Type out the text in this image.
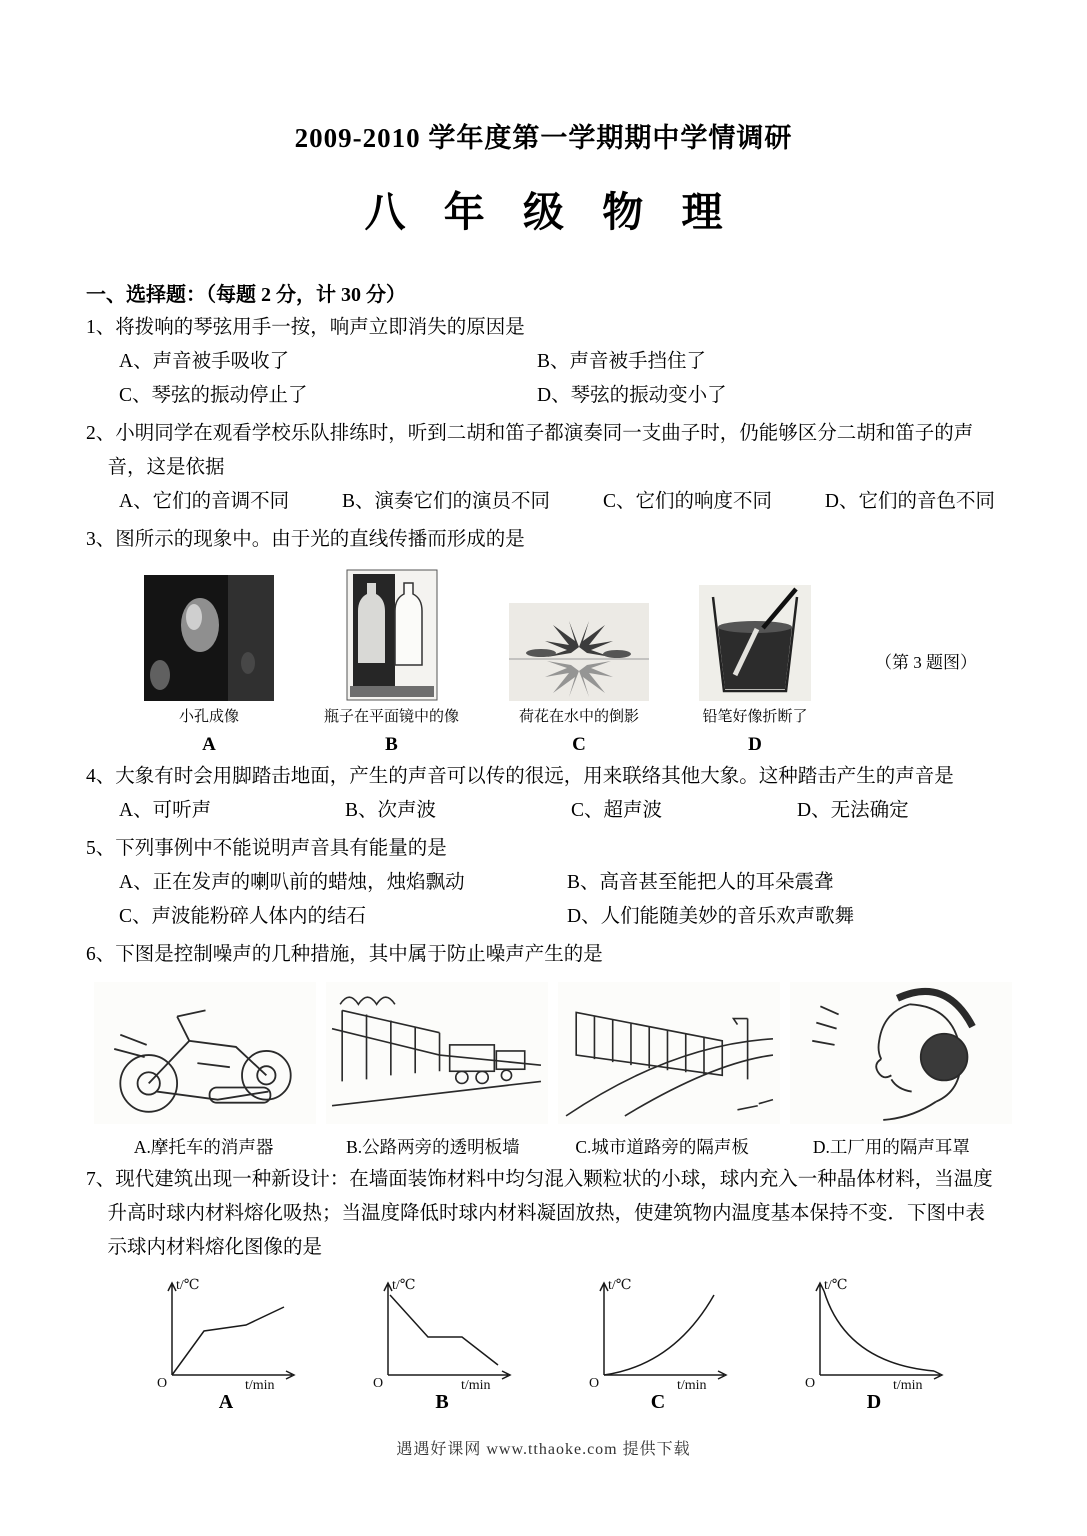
2009-2010 学年度第一学期期中学情调研
八 年 级 物 理
一、选择题：（每题 2 分，计 30 分）
1、将拨响的琴弦用手一按，响声立即消失的原因是
A、声音被手吸收了	B、声音被手挡住了
C、琴弦的振动停止了	D、琴弦的振动变小了
2、小明同学在观看学校乐队排练时，听到二胡和笛子都演奏同一支曲子时，仍能够区分二胡和笛子的声音，这是依据
A、它们的音调不同	B、演奏它们的演员不同	C、它们的响度不同	D、它们的音色不同
3、图所示的现象中。由于光的直线传播而形成的是
小孔成像
A
瓶子在平面镜中的像
B
荷花在水中的倒影
C
铅笔好像折断了
D
（第 3 题图）
4、大象有时会用脚踏击地面，产生的声音可以传的很远，用来联络其他大象。这种踏击产生的声音是
A、可听声	B、次声波	C、超声波	D、无法确定
5、下列事例中不能说明声音具有能量的是
A、正在发声的喇叭前的蜡烛，烛焰飘动	B、高音甚至能把人的耳朵震聋
C、声波能粉碎人体内的结石	D、人们能随美妙的音乐欢声歌舞
6、下图是控制噪声的几种措施，其中属于防止噪声产生的是
A.摩托车的消声器	B.公路两旁的透明板墙	C.城市道路旁的隔声板	D.工厂用的隔声耳罩
7、现代建筑出现一种新设计：在墙面装饰材料中均匀混入颗粒状的小球，球内充入一种晶体材料，当温度升高时球内材料熔化吸热；当温度降低时球内材料凝固放热，使建筑物内温度基本保持不变．下图中表示球内材料熔化图像的是
t/℃
t/min
O
A
t/℃
t/min
O
B
t/℃
t/min
O
C
t/℃
t/min
O
D
遇遇好课网 www.tthaoke.com 提供下载
